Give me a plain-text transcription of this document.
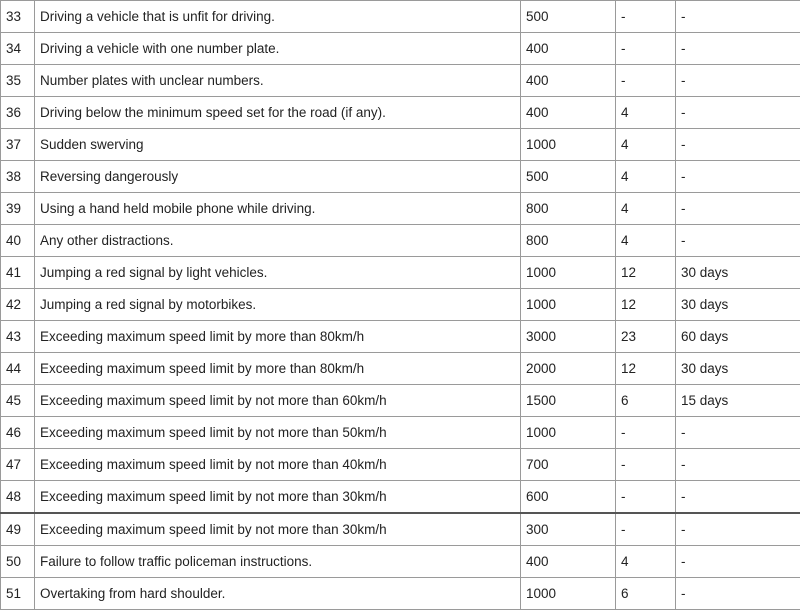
33	Driving a vehicle that is unfit for driving.	500	-	-
34	Driving a vehicle with one number plate.	400	-	-
35	Number plates with unclear numbers.	400	-	-
36	Driving below the minimum speed set for the road (if any).	400	4	-
37	Sudden swerving	1000	4	-
38	Reversing dangerously	500	4	-
39	Using a hand held mobile phone while driving.	800	4	-
40	Any other distractions.	800	4	-
41	Jumping a red signal by light vehicles.	1000	12	30 days
42	Jumping a red signal by motorbikes.	1000	12	30 days
43	Exceeding maximum speed limit by more than 80km/h	3000	23	60 days
44	Exceeding maximum speed limit by more than 80km/h	2000	12	30 days
45	Exceeding maximum speed limit by not more than 60km/h	1500	6	15 days
46	Exceeding maximum speed limit by not more than 50km/h	1000	-	-
47	Exceeding maximum speed limit by not more than 40km/h	700	-	-
48	Exceeding maximum speed limit by not more than 30km/h	600	-	-
49	Exceeding maximum speed limit by not more than 30km/h	300	-	-
50	Failure to follow traffic policeman instructions.	400	4	-
51	Overtaking from hard shoulder.	1000	6	-
